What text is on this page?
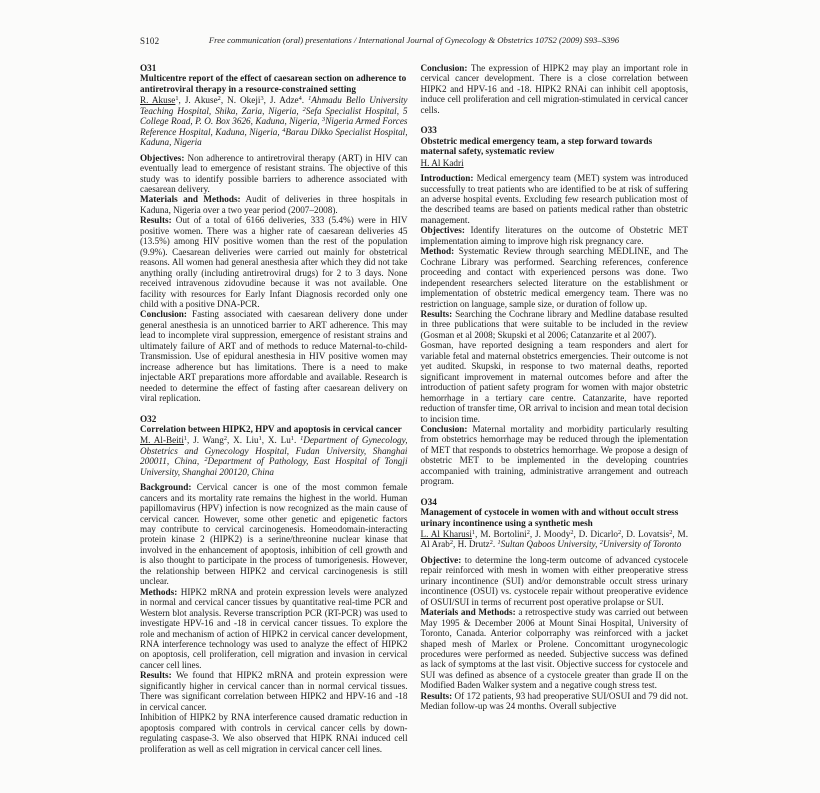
S102	Free communication (oral) presentations / International Journal of Gynecology & Obstetrics 107S2 (2009) S93–S396
O31
Multicentre report of the effect of caesarean section on adherence to antiretroviral therapy in a resource-constrained setting

R. Akuse$^1$, J. Akuse$^2$, N. Okeji$^3$, J. Adze$^4$. $^1$Ahmadu Bello University Teaching Hospital, Shika, Zaria, Nigeria, $^2$Sefa Specialist Hospital, 5 College Road, P. O. Box 3626, Kaduna, Nigeria, $^3$Nigeria Armed Forces Reference Hospital, Kaduna, Nigeria, $^4$Barau Dikko Specialist Hospital, Kaduna, Nigeria

Objectives: Non adherence to antiretroviral therapy (ART) in HIV can eventually lead to emergence of resistant strains. The objective of this study was to identify possible barriers to adherence associated with caesarean delivery.

Materials and Methods: Audit of deliveries in three hospitals in Kaduna, Nigeria over a two year period (2007–2008).

Results: Out of a total of 6166 deliveries, 333 (5.4%) were in HIV positive women. There was a higher rate of caesarean deliveries 45 (13.5%) among HIV positive women than the rest of the population (9.9%). Caesarean deliveries were carried out mainly for obstetrical reasons. All women had general anesthesia after which they did not take anything orally (including antiretroviral drugs) for 2 to 3 days. None received intravenous zidovudine because it was not available. One facility with resources for Early Infant Diagnosis recorded only one child with a positive DNA-PCR.

Conclusion: Fasting associated with caesarean delivery done under general anesthesia is an unnoticed barrier to ART adherence. This may lead to incomplete viral suppression, emergence of resistant strains and ultimately failure of ART and of methods to reduce Maternal-to-child-Transmission. Use of epidural anesthesia in HIV positive women may increase adherence but has limitations. There is a need to make injectable ART preparations more affordable and available. Research is needed to determine the effect of fasting after caesarean delivery on viral replication.

O32
Correlation between HIPK2, HPV and apoptosis in cervical cancer

M. Al-Beiti$^1$, J. Wang$^2$, X. Liu$^1$, X. Lu$^1$. $^1$Department of Gynecology, Obstetrics and Gynecology Hospital, Fudan University, Shanghai 200011, China, $^2$Department of Pathology, East Hospital of Tongji University, Shanghai 200120, China

Background: Cervical cancer is one of the most common female cancers and its mortality rate remains the highest in the world. Human papillomavirus (HPV) infection is now recognized as the main cause of cervical cancer. However, some other genetic and epigenetic factors may contribute to cervical carcinogenesis. Homeodomain-interacting protein kinase 2 (HIPK2) is a serine/threonine nuclear kinase that involved in the enhancement of apoptosis, inhibition of cell growth and is also thought to participate in the process of tumorigenesis. However, the relationship between HIPK2 and cervical carcinogenesis is still unclear.

Methods: HIPK2 mRNA and protein expression levels were analyzed in normal and cervical cancer tissues by quantitative real-time PCR and Western blot analysis. Reverse transcription PCR (RT-PCR) was used to investigate HPV-16 and -18 in cervical cancer tissues. To explore the role and mechanism of action of HIPK2 in cervical cancer development, RNA interference technology was used to analyze the effect of HIPK2 on apoptosis, cell proliferation, cell migration and invasion in cervical cancer cell lines.

Results: We found that HIPK2 mRNA and protein expression were significantly higher in cervical cancer than in normal cervical tissues. There was significant correlation between HIPK2 and HPV-16 and -18 in cervical cancer.

Inhibition of HIPK2 by RNA interference caused dramatic reduction in apoptosis compared with controls in cervical cancer cells by down-regulating caspase-3. We also observed that HIPK RNAi induced cell proliferation as well as cell migration in cervical cancer cell lines.

Conclusion: The expression of HIPK2 may play an important role in cervical cancer development. There is a close correlation between HIPK2 and HPV-16 and -18. HIPK2 RNAi can inhibit cell apoptosis, induce cell proliferation and cell migration-stimulated in cervical cancer cells.

O33
Obstetric medical emergency team, a step forward towards maternal safety, systematic review

H. Al Kadri

Introduction: Medical emergency team (MET) system was introduced successfully to treat patients who are identified to be at risk of suffering an adverse hospital events. Excluding few research publication most of the described teams are based on patients medical rather than obstetric management.

Objectives: Identify literatures on the outcome of Obstetric MET implementation aiming to improve high risk pregnancy care.

Method: Systematic Review through searching MEDLINE, and The Cochrane Library was performed. Searching references, conference proceeding and contact with experienced persons was done. Two independent researchers selected literature on the establishment or implementation of obstetric medical emergency team. There was no restriction on language, sample size, or duration of follow up.

Results: Searching the Cochrane library and Medline database resulted in three publications that were suitable to be included in the review (Gosman et al 2008; Skupski et al 2006; Catanzarite et al 2007).

Gosman, have reported designing a team responders and alert for variable fetal and maternal obstetrics emergencies. Their outcome is not yet audited. Skupski, in response to two maternal deaths, reported significant improvement in maternal outcomes before and after the introduction of patient safety program for women with major obstetric hemorrhage in a tertiary care centre. Catanzarite, have reported reduction of transfer time, OR arrival to incision and mean total decision to incision time.

Conclusion: Maternal mortality and morbidity particularly resulting from obstetrics hemorrhage may be reduced through the iplementation of MET that responds to obstetrics hemorrhage. We propose a design of obstetric MET to be implemented in the developing countries accompanied with training, administrative arrangement and outreach program.

O34
Management of cystocele in women with and without occult stress urinary incontinence using a synthetic mesh

L. Al Kharusi$^1$, M. Bortolini$^2$, J. Moody$^2$, D. Dicarlo$^2$, D. Lovatsis$^2$, M. Al Arab$^2$, H. Drutz$^2$. $^1$Sultan Qaboos University, $^2$University of Toronto

Objective: to determine the long-term outcome of advanced cystocele repair reinforced with mesh in women with either preoperative stress urinary incontinence (SUI) and/or demonstrable occult stress urinary incontinence (OSUI) vs. cystocele repair without preoperative evidence of OSUI/SUI in terms of recurrent post operative prolapse or SUI.

Materials and Methods: a retrospective study was carried out between May 1995 & December 2006 at Mount Sinai Hospital, University of Toronto, Canada. Anterior colporraphy was reinforced with a jacket shaped mesh of Marlex or Prolene. Concomittant urogynecologic procedures were performed as needed. Subjective success was defined as lack of symptoms at the last visit. Objective success for cystocele and SUI was defined as absence of a cystocele greater than grade II on the Modified Baden Walker system and a negative cough stress test.

Results: Of 172 patients, 93 had preoperative SUI/OSUI and 79 did not. Median follow-up was 24 months. Overall subjective
